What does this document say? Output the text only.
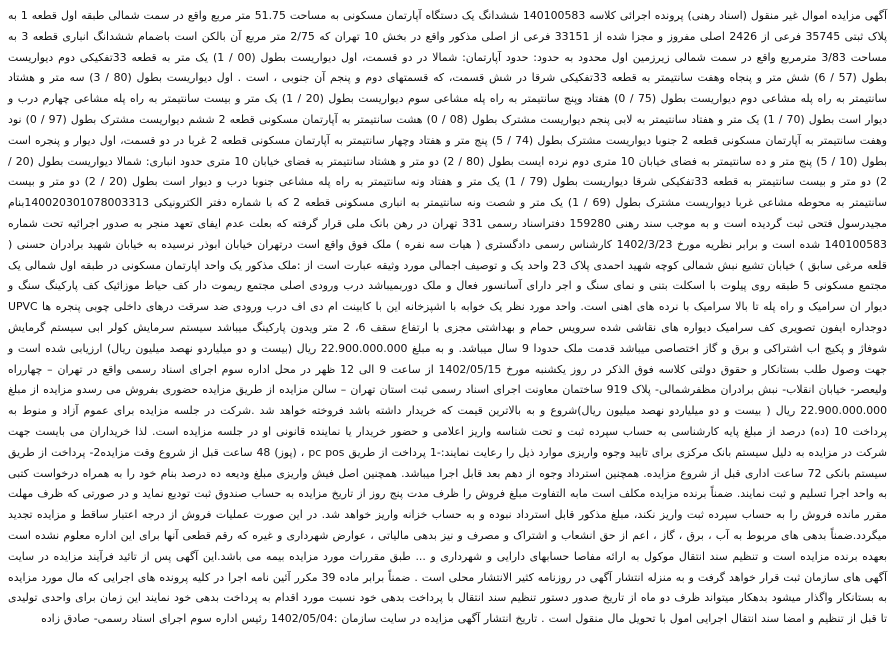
آگهی مزایده اموال غیر منقول (اسناد رهنی) پرونده اجرائی کلاسه 140100583 ششدانگ یک دستگاه آپارتمان مسکونی به مساحت 51.75 متر مربع واقع در سمت شمالی طبقه اول قطعه 1 به پلاک ثبتی 35745 فرعی از 2426 اصلی مفروز و مجزا شده از 33151 فرعی از اصلی مذکور واقع در بخش 10 تهران که 2/75 متر مربع آن بالکن است باضمام ششدانگ انباری قطعه 3 به مساحت 3/83 مترمربع واقع در سمت شمالی زیرزمین اول محدود به حدود: حدود آپارتمان: شمالا در دو قسمت، اول دیواریست بطول (00 / 1) یک متر به قطعه 33تفکیکی دوم دیواریست بطول (57 / 6) شش متر و پنجاه وهفت سانتیمتر به قطعه 33تفکیکی شرقا در شش قسمت، که قسمتهای دوم و پنجم آن جنوبی ، است . اول دیواریست بطول (80 / 3) سه متر و هشتاد سانتیمتر به راه پله مشاعی دوم دیواریست بطول (75 / 0) هفتاد وپنج سانتیمتر به راه پله مشاعی سوم دیواریست بطول (20 / 1) یک متر و بیست سانتیمتر به راه پله مشاعی چهارم درب و دیوار است بطول (70 / 1) یک متر و هفتاد سانتیمتر به لابی پنجم دیواریست مشترک بطول (08 / 0) هشت سانتیمتر به آپارتمان مسکونی قطعه 2 ششم دیواریست مشترک بطول (97 / 0) نود وهفت سانتیمتر به آپارتمان مسکونی قطعه 2 جنوبا دیواریست مشترک بطول (74 / 5) پنج متر و هفتاد وچهار سانتیمتر به آپارتمان مسکونی قطعه 2 غربا در دو قسمت، اول دیوار و پنجره است بطول (10 / 5) پنج متر و ده سانتیمتر به فضای خیابان 10 متری دوم نرده ایست بطول (80 / 2) دو متر و هشتاد سانتیمتر به فضای خیابان 10 متری حدود انباری: شمالا دیواریست بطول (20 / 2) دو متر و بیست سانتیمتر به قطعه 33تفکیکی شرقا دیواریست بطول (79 / 1) یک متر و هفتاد ونه سانتیمتر به راه پله مشاعی جنوبا درب و دیوار است بطول (20 / 2) دو متر و بیست سانتیمتر به محوطه مشاعی غربا دیواریست مشترک بطول (69 / 1) یک متر و شصت ونه سانتیمتر به انباری مسکونی قطعه 2 که با شماره دفتر الکترونیکی 140020301078003313بنام مجیدرسول فتحی ثبت گردیده است و به موجب سند رهنی 159280 دفتراسناد رسمی 331 تهران در رهن بانک ملی قرار گرفته که بعلت عدم ایفای تعهد منجر به صدور اجرائیه تحت شماره 140100583 شده است و برابر نظریه مورخ 1402/3/23 کارشناس رسمی دادگستری ( هیات سه نفره ) ملک فوق واقع است درتهران خیابان ابوذر نرسیده به خیابان شهید برادران حسنی ( قلعه مرغی سابق ) خیابان تشیع نبش شمالی کوچه شهید احمدی پلاک 23 واحد یک و توصیف اجمالی مورد وثیقه عبارت است از :ملک مذکور یک واحد اپارتمان مسکونی در طبقه اول شمالی یک مجتمع مسکونی 5 طبقه روی پیلوت با اسکلت بتنی و نمای سنگ و اجر دارای آسانسور فعال و ملک دوربمیباشد درب ورودی اصلی مجتمع ریموت دار کف حیاط موزائیک کف پارکینگ سنگ و دیوار ان سرامیک و راه پله تا بالا سرامیک با نرده های اهنی است. واحد مورد نظر یک خوابه با اشپزخانه این با کابینت ام دی اف درب ورودی ضد سرقت درهای داخلی چوبی پنجره ها UPVC دوجداره ایفون تصویری کف سرامیک دیواره های نقاشی شده سرویس حمام و بهداشتی مجزی با ارتفاع سقف 6، 2 متر ویدون پارکینگ میباشد سیستم سرمایش کولر ابی سیستم گرمایش شوفاژ و پکیج اب اشتراکی و برق و گاز اختصاصی میباشد قدمت ملک حدودا 9 سال میباشد. و به مبلغ 22.900.000.000 ریال (بیست و دو میلیاردو نهصد میلیون ریال) ارزیابی شده است و جهت وصول طلب بستانکار و حقوق دولتی کلاسه فوق الذکر در روز یکشنبه مورخ 1402/05/15 از ساعت 9 الی 12 ظهر در محل اداره سوم اجرای اسناد رسمی واقع در تهران – چهارراه ولیعصر- خیابان انقلاب- نبش برادران مظفرشمالی- پلاک 919 ساختمان معاونت اجرای اسناد رسمی ثبت استان تهران – سالن مزایده از طریق مزایده حضوری بفروش می رسدو مزایده از مبلغ 22.900.000.000 ریال ( بیست و دو میلیاردو نهصد میلیون ریال)شروع و به بالاترین قیمت که خریدار داشته باشد فروخته خواهد شد .شرکت در جلسه مزایده برای عموم آزاد و منوط به پرداخت 10 (ده) درصد از مبلغ پایه کارشناسی به حساب سپرده ثبت و تحت شناسه واریز اعلامی و حضور خریدار یا نماینده قانونی او در جلسه مزایده است. لذا خریداران می بایست جهت شرکت در مزایده به دلیل سیستم بانک مرکزی برای تایید وجوه واریزی موارد ذیل را رعایت نمایند:-1 پرداخت از طریق pc pos ، (پوز) 48 ساعت قبل از شروع وقت مزایده2- پرداخت از طریق سیستم بانکی 72 ساعت اداری قبل از شروع مزایده. همچنین استرداد وجوه از دهم بعد قابل اجرا میباشد. همچنین اصل فیش واریزی مبلغ ودیعه ده درصد بنام خود را به همراه درخواست کتبی به واحد اجرا تسلیم و ثبت نمایند. ضمناً برنده مزایده مکلف است مابه التفاوت مبلغ فروش را ظرف مدت پنج روز از تاریخ مزایده به حساب صندوق ثبت تودیع نماید و در صورتی که ظرف مهلت مقرر مانده فروش را به حساب سپرده ثبت واریز نکند، مبلغ مذکور قابل استرداد نبوده و به حساب خزانه واریز خواهد شد. در این صورت عملیات فروش از درجه اعتبار ساقط و مزایده تجدید میگردد.ضمناً بدهی های مربوط به آب ، برق ، گاز ، اعم از حق انشعاب و اشتراک و مصرف و نیز بدهی مالیاتی ، عوارض شهرداری و غیره که رقم قطعی آنها برای این اداره معلوم نشده است بعهده برنده مزایده است و تنظیم سند انتقال موکول به ارائه مفاصا حسابهای دارایی و شهرداری و ... طبق مقررات مورد مزایده بیمه می باشد.این آگهی پس از تائید فرآیند مزایده در سایت آگهی های سازمان ثبت قرار خواهد گرفت و به منزله انتشار آگهی در روزنامه کثیر الانتشار محلی است . ضمناً برابر ماده 39 مکرر آئین نامه اجرا در کلیه پرونده های اجرایی که مال مورد مزایده به بستانکار واگذار میشود بدهکار میتواند ظرف دو ماه از تاریخ صدور دستور تنظیم سند انتقال با پرداخت بدهی خود نسبت مورد اقدام به پرداخت بدهی خود نمایند این زمان برای واحدی تولیدی تا قبل از تنظیم و امضا سند انتقال اجرایی امول با تحویل مال منقول است . تاریخ انتشار آگهی مزایده در سایت سازمان :1402/05/04 رئیس اداره سوم اجرای اسناد رسمی- صادق زاده
